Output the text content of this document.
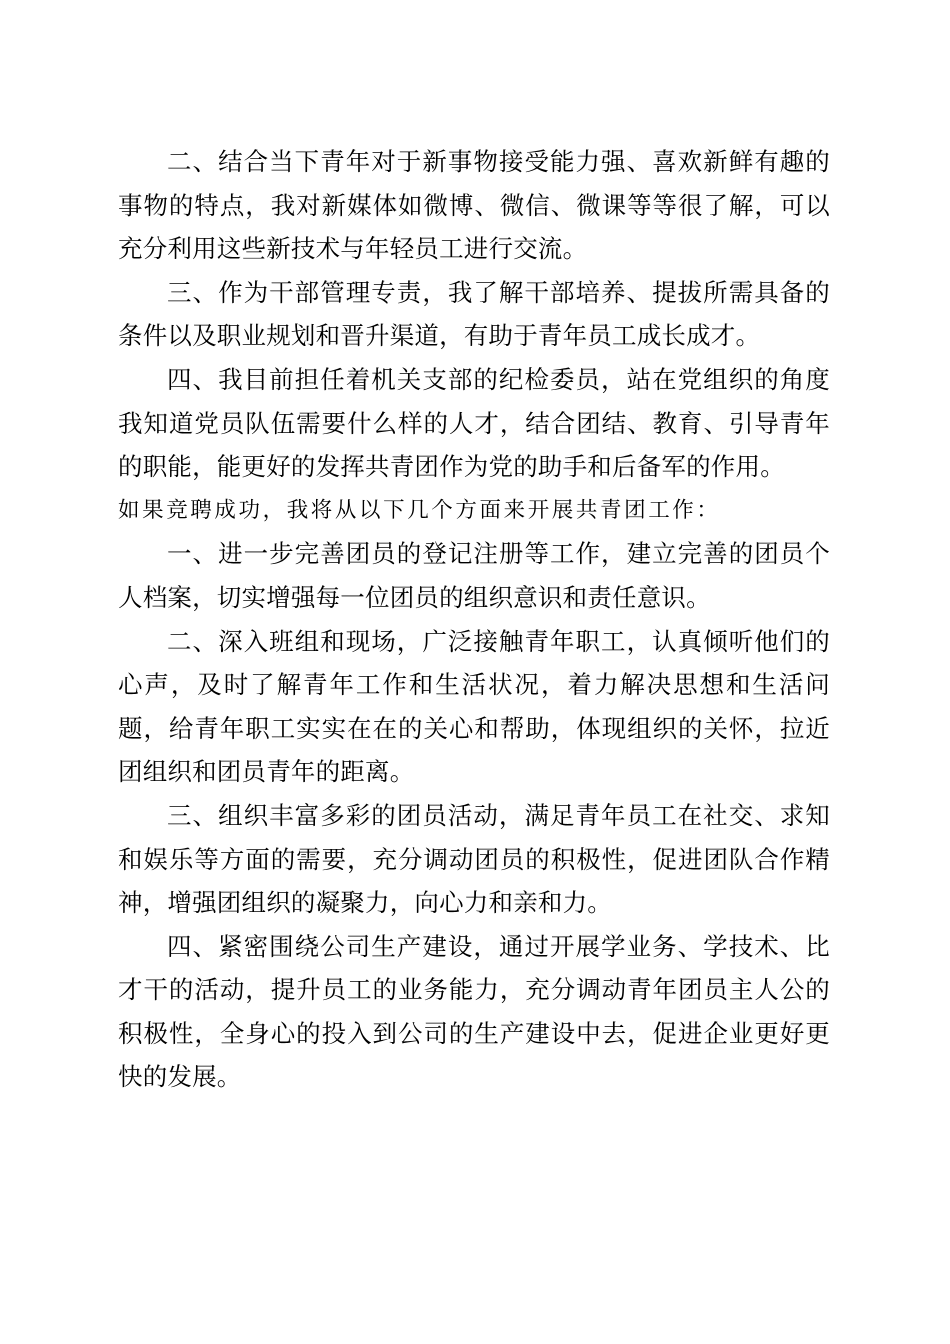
二、结合当下青年对于新事物接受能力强、喜欢新鲜有趣的事物的特点，我对新媒体如微博、微信、微课等等很了解，可以充分利用这些新技术与年轻员工进行交流。

三、作为干部管理专责，我了解干部培养、提拔所需具备的条件以及职业规划和晋升渠道，有助于青年员工成长成才。

四、我目前担任着机关支部的纪检委员，站在党组织的角度我知道党员队伍需要什么样的人才，结合团结、教育、引导青年的职能，能更好的发挥共青团作为党的助手和后备军的作用。

如果竞聘成功，我将从以下几个方面来开展共青团工作：

一、进一步完善团员的登记注册等工作，建立完善的团员个人档案，切实增强每一位团员的组织意识和责任意识。

二、深入班组和现场，广泛接触青年职工，认真倾听他们的心声，及时了解青年工作和生活状况，着力解决思想和生活问题，给青年职工实实在在的关心和帮助，体现组织的关怀，拉近团组织和团员青年的距离。

三、组织丰富多彩的团员活动，满足青年员工在社交、求知和娱乐等方面的需要，充分调动团员的积极性，促进团队合作精神，增强团组织的凝聚力，向心力和亲和力。

四、紧密围绕公司生产建设，通过开展学业务、学技术、比才干的活动，提升员工的业务能力，充分调动青年团员主人公的积极性，全身心的投入到公司的生产建设中去，促进企业更好更快的发展。
